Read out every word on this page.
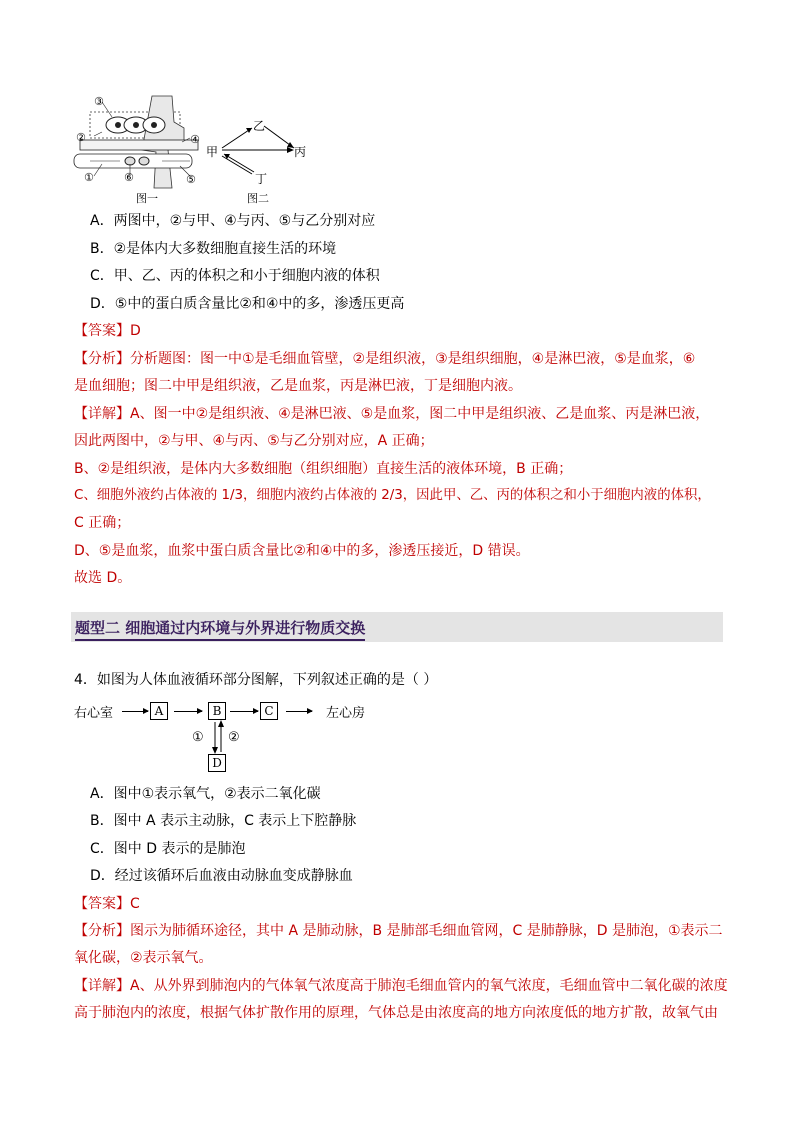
③
②	④
①	⑥	⑤
甲
乙
丙
丁
图一	图二
A．两图中，②与甲、④与丙、⑤与乙分别对应
B．②是体内大多数细胞直接生活的环境
C．甲、乙、丙的体积之和小于细胞内液的体积
D．⑤中的蛋白质含量比②和④中的多，渗透压更高
【答案】D
【分析】分析题图：图一中①是毛细血管壁，②是组织液，③是组织细胞，④是淋巴液，⑤是血浆，⑥
是血细胞；图二中甲是组织液，乙是血浆，丙是淋巴液，丁是细胞内液。
【详解】A、图一中②是组织液、④是淋巴液、⑤是血浆，图二中甲是组织液、乙是血浆、丙是淋巴液，
因此两图中，②与甲、④与丙、⑤与乙分别对应，A 正确；
B、②是组织液，是体内大多数细胞（组织细胞）直接生活的液体环境，B 正确；
C、细胞外液约占体液的 1/3，细胞内液约占体液的 2/3，因此甲、乙、丙的体积之和小于细胞内液的体积，
C 正确；
D、⑤是血浆，血浆中蛋白质含量比②和④中的多，渗透压接近，D 错误。
故选 D。
题型二 细胞通过内环境与外界进行物质交换
4．如图为人体血液循环部分图解，下列叙述正确的是（ ）
右心室	A	B	C	左心房
① ②
D
A．图中①表示氧气，②表示二氧化碳
B．图中 A 表示主动脉，C 表示上下腔静脉
C．图中 D 表示的是肺泡
D．经过该循环后血液由动脉血变成静脉血
【答案】C
【分析】图示为肺循环途径，其中 A 是肺动脉，B 是肺部毛细血管网，C 是肺静脉，D 是肺泡，①表示二
氧化碳，②表示氧气。
【详解】A、从外界到肺泡内的气体氧气浓度高于肺泡毛细血管内的氧气浓度，毛细血管中二氧化碳的浓度
高于肺泡内的浓度，根据气体扩散作用的原理，气体总是由浓度高的地方向浓度低的地方扩散，故氧气由
